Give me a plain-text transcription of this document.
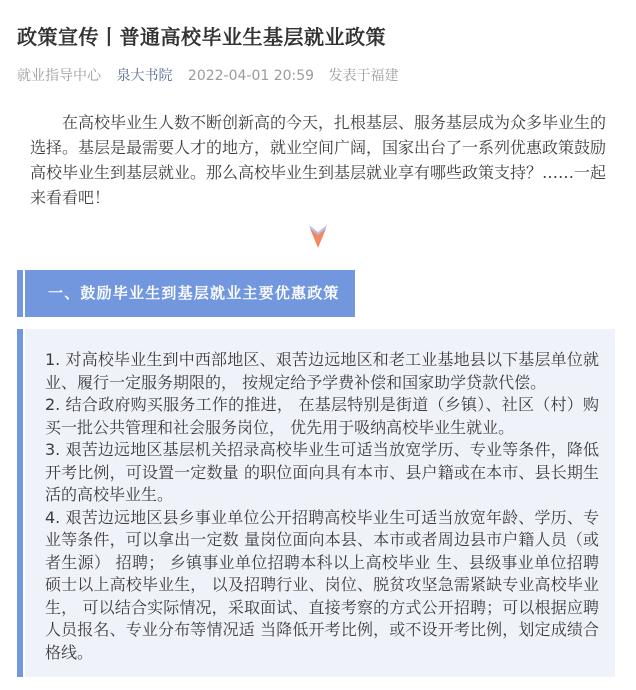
政策宣传丨普通高校毕业生基层就业政策
就业指导中心 泉大书院 2022-04-01 20:59 发表于福建

在高校毕业生人数不断创新高的今天，扎根基层、服务基层成为众多毕业生的选择。基层是最需要人才的地方，就业空间广阔，国家出台了一系列优惠政策鼓励高校毕业生到基层就业。那么高校毕业生到基层就业享有哪些政策支持？……一起来看看吧！

一、鼓励毕业生到基层就业主要优惠政策

1. 对高校毕业生到中西部地区、艰苦边远地区和老工业基地县以下基层单位就业、履行一定服务期限的， 按规定给予学费补偿和国家助学贷款代偿。

2. 结合政府购买服务工作的推进， 在基层特别是街道（乡镇）、社区（村）购买一批公共管理和社会服务岗位， 优先用于吸纳高校毕业生就业。

3. 艰苦边远地区基层机关招录高校毕业生可适当放宽学历、专业等条件，降低开考比例，可设置一定数量 的职位面向具有本市、县户籍或在本市、县长期生活的高校毕业生。

4. 艰苦边远地区县乡事业单位公开招聘高校毕业生可适当放宽年龄、学历、专业等条件，可以拿出一定数 量岗位面向本县、本市或者周边县市户籍人员（或者生源） 招聘； 乡镇事业单位招聘本科以上高校毕业 生、县级事业单位招聘硕士以上高校毕业生， 以及招聘行业、岗位、脱贫攻坚急需紧缺专业高校毕业生， 可以结合实际情况，采取面试、直接考察的方式公开招聘；可以根据应聘人员报名、专业分布等情况适 当降低开考比例，或不设开考比例，划定成绩合格线。
